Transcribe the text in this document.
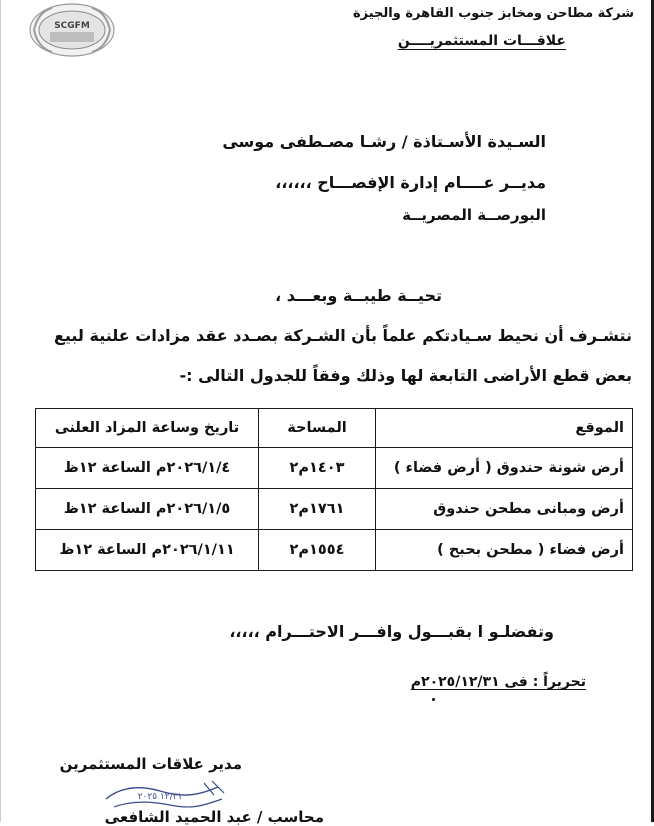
SCGFM
شركة مطاحن ومخابز جنوب القاهرة والجيزة
علاقـــات المستثمريــــن
السـيدة الأسـتاذة / رشـا مصـطفى موسى
مديــر عــــام إدارة الإفصـــاح ،،،،،،
البورصــة المصريــة
تحيــة طيبــة وبعـــد ،
نتشـرف أن نحيط سـيادتكم علماً بأن الشـركة بصـدد عقد مزادات علنية لبيع
بعض قطع الأراضى التابعة لها وذلك وفقاً للجدول التالى :-
الموقع	المساحة	تاريخ وساعة المزاد العلنى
أرض شونة حندوق ( أرض فضاء )	١٤٠٣م٢	٢٠٢٦/١/٤م الساعة ١٢ظ
أرض ومبانى مطحن حندوق	١٧٦١م٢	٢٠٢٦/١/٥م الساعة ١٢ظ
أرض فضاء ( مطحن بحبح )	١٥٥٤م٢	٢٠٢٦/١/١١م الساعة ١٢ظ
وتفضلـو ا بقبـــول وافـــر الاحتـــرام ،،،،،
تحريراً : فى ٢٠٢٥/١٢/٣١م
مدير علاقات المستثمرين
١٢/٣١ ٢٠٢٥
محاسب / عبد الحميد الشافعى
